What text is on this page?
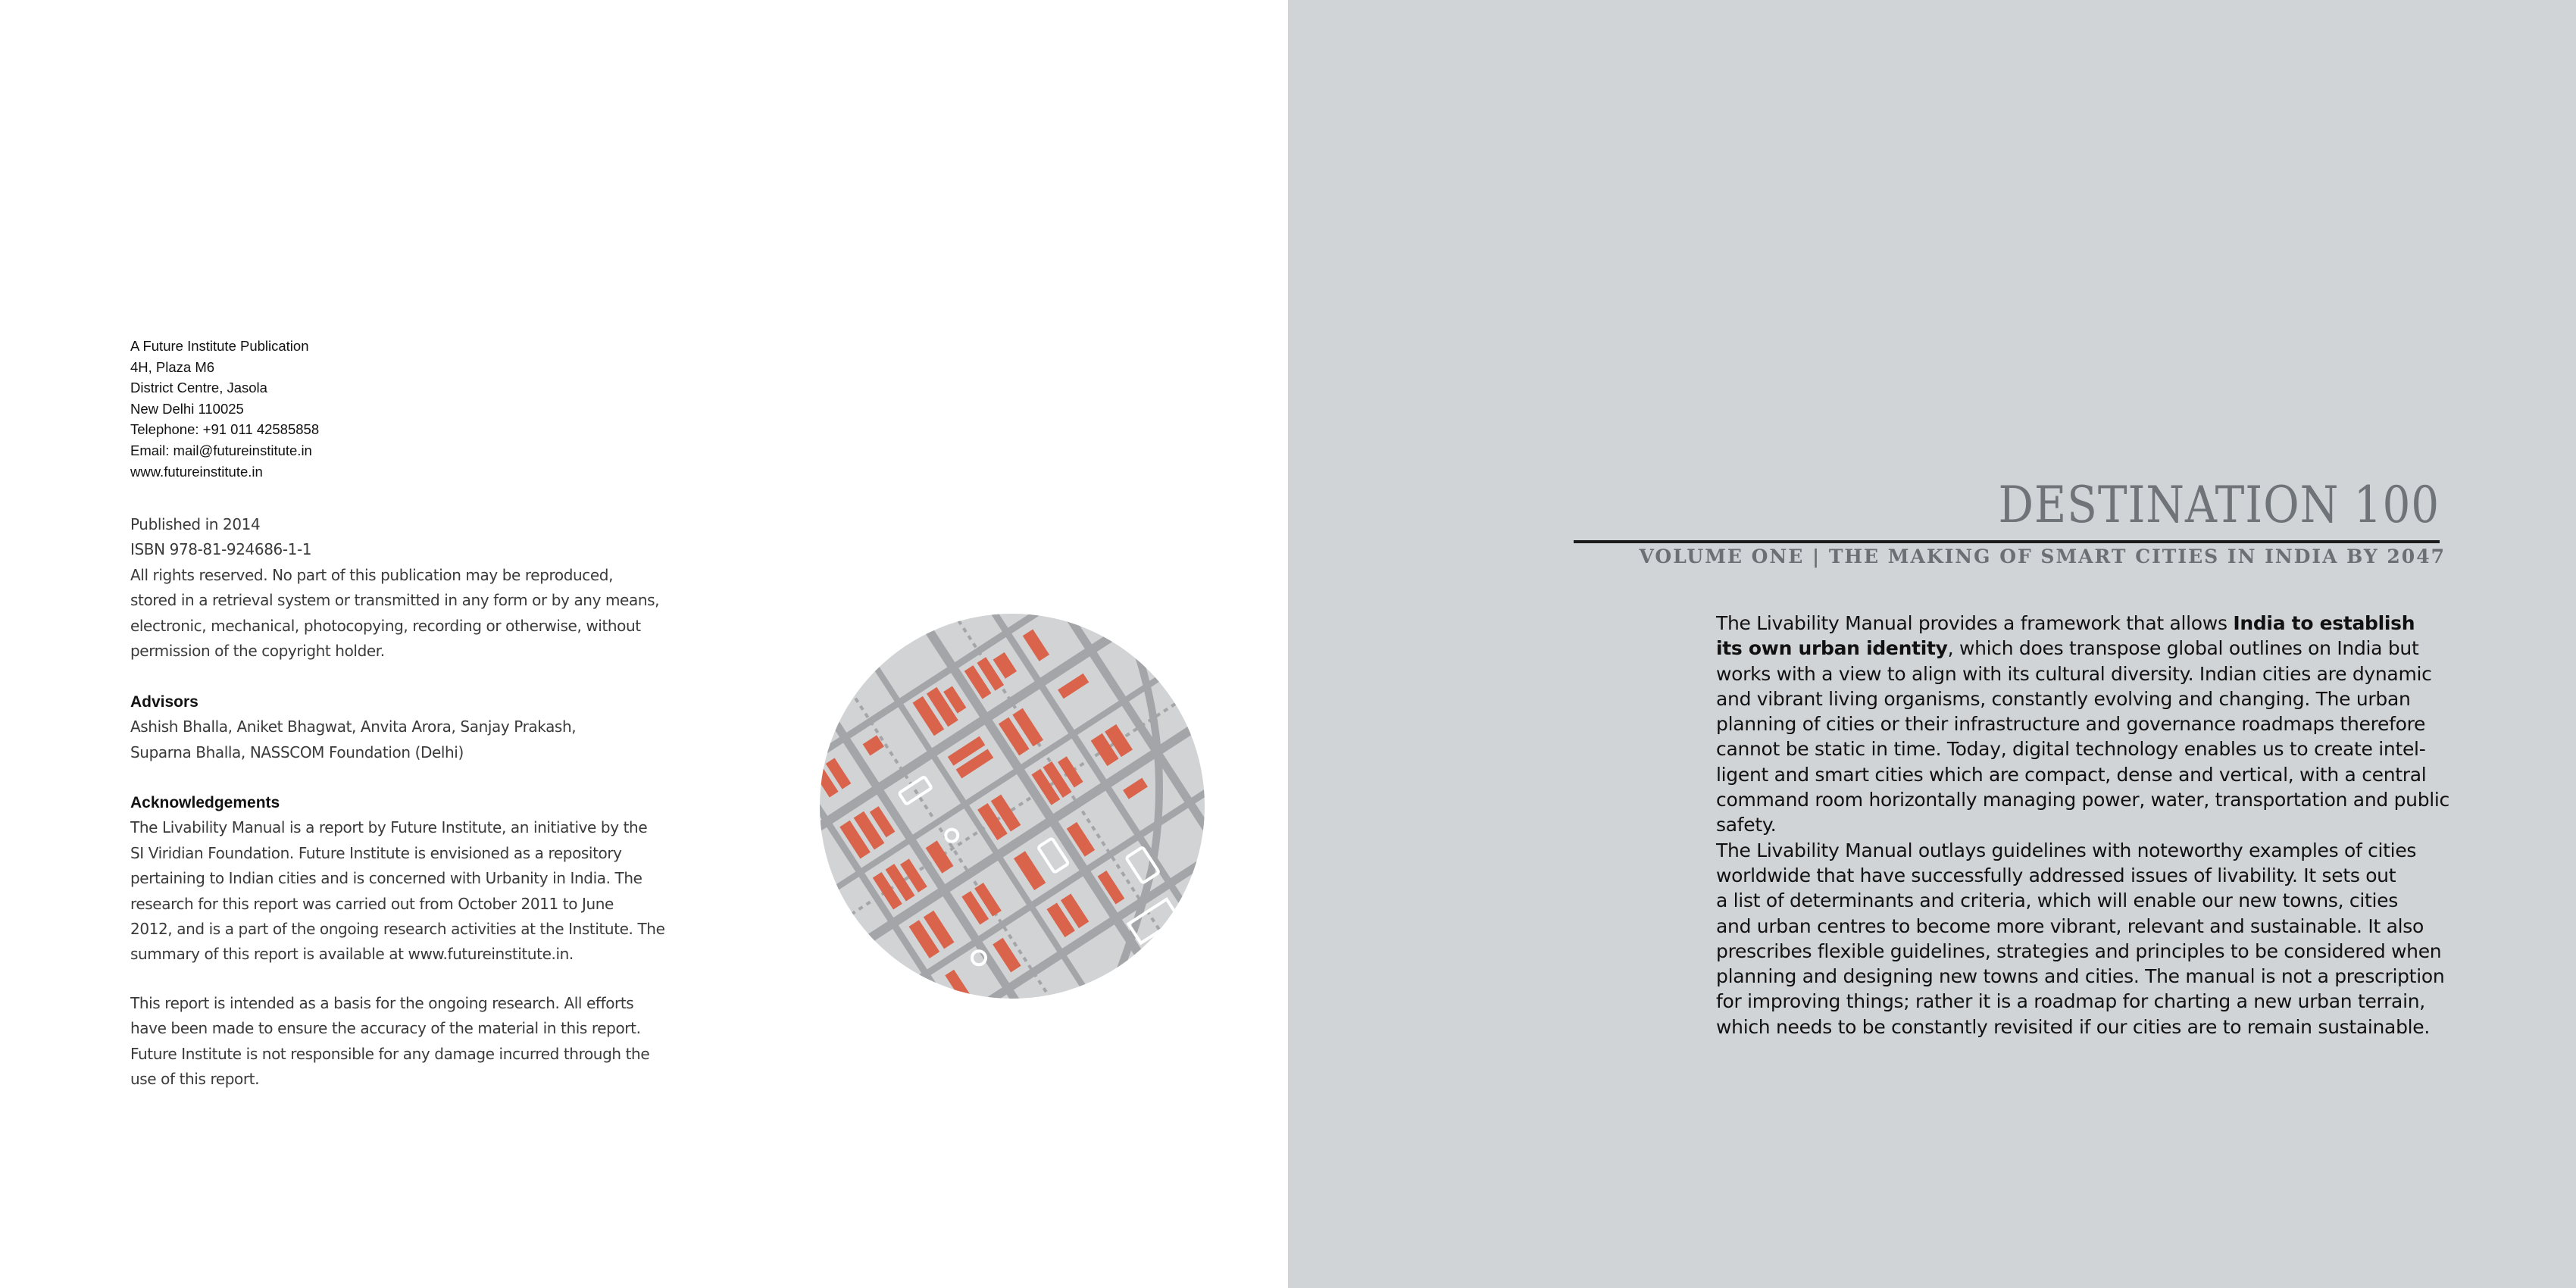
A Future Institute Publication
4H, Plaza M6
District Centre, Jasola
New Delhi 110025
Telephone: +91 011 42585858
Email: mail@futureinstitute.in
www.futureinstitute.in
Published in 2014
ISBN 978-81-924686-1-1
All rights reserved. No part of this publication may be reproduced,
stored in a retrieval system or transmitted in any form or by any means,
electronic, mechanical, photocopying, recording or otherwise, without
permission of the copyright holder.
Advisors
Ashish Bhalla, Aniket Bhagwat, Anvita Arora, Sanjay Prakash,
Suparna Bhalla, NASSCOM Foundation (Delhi)
Acknowledgements
The Livability Manual is a report by Future Institute, an initiative by the
SI Viridian Foundation. Future Institute is envisioned as a repository
pertaining to Indian cities and is concerned with Urbanity in India. The
research for this report was carried out from October 2011 to June
2012, and is a part of the ongoing research activities at the Institute. The
summary of this report is available at www.futureinstitute.in.
This report is intended as a basis for the ongoing research. All efforts
have been made to ensure the accuracy of the material in this report.
Future Institute is not responsible for any damage incurred through the
use of this report.
DESTINATION 100
VOLUME ONE | THE MAKING OF SMART CITIES IN INDIA BY 2047
The Livability Manual provides a framework that allows India to establish
its own urban identity, which does transpose global outlines on India but
works with a view to align with its cultural diversity. Indian cities are dynamic
and vibrant living organisms, constantly evolving and changing. The urban
planning of cities or their infrastructure and governance roadmaps therefore
cannot be static in time. Today, digital technology enables us to create intel-
ligent and smart cities which are compact, dense and vertical, with a central
command room horizontally managing power, water, transportation and public
safety.
The Livability Manual outlays guidelines with noteworthy examples of cities
worldwide that have successfully addressed issues of livability. It sets out
a list of determinants and criteria, which will enable our new towns, cities
and urban centres to become more vibrant, relevant and sustainable. It also
prescribes flexible guidelines, strategies and principles to be considered when
planning and designing new towns and cities. The manual is not a prescription
for improving things; rather it is a roadmap for charting a new urban terrain,
which needs to be constantly revisited if our cities are to remain sustainable.
